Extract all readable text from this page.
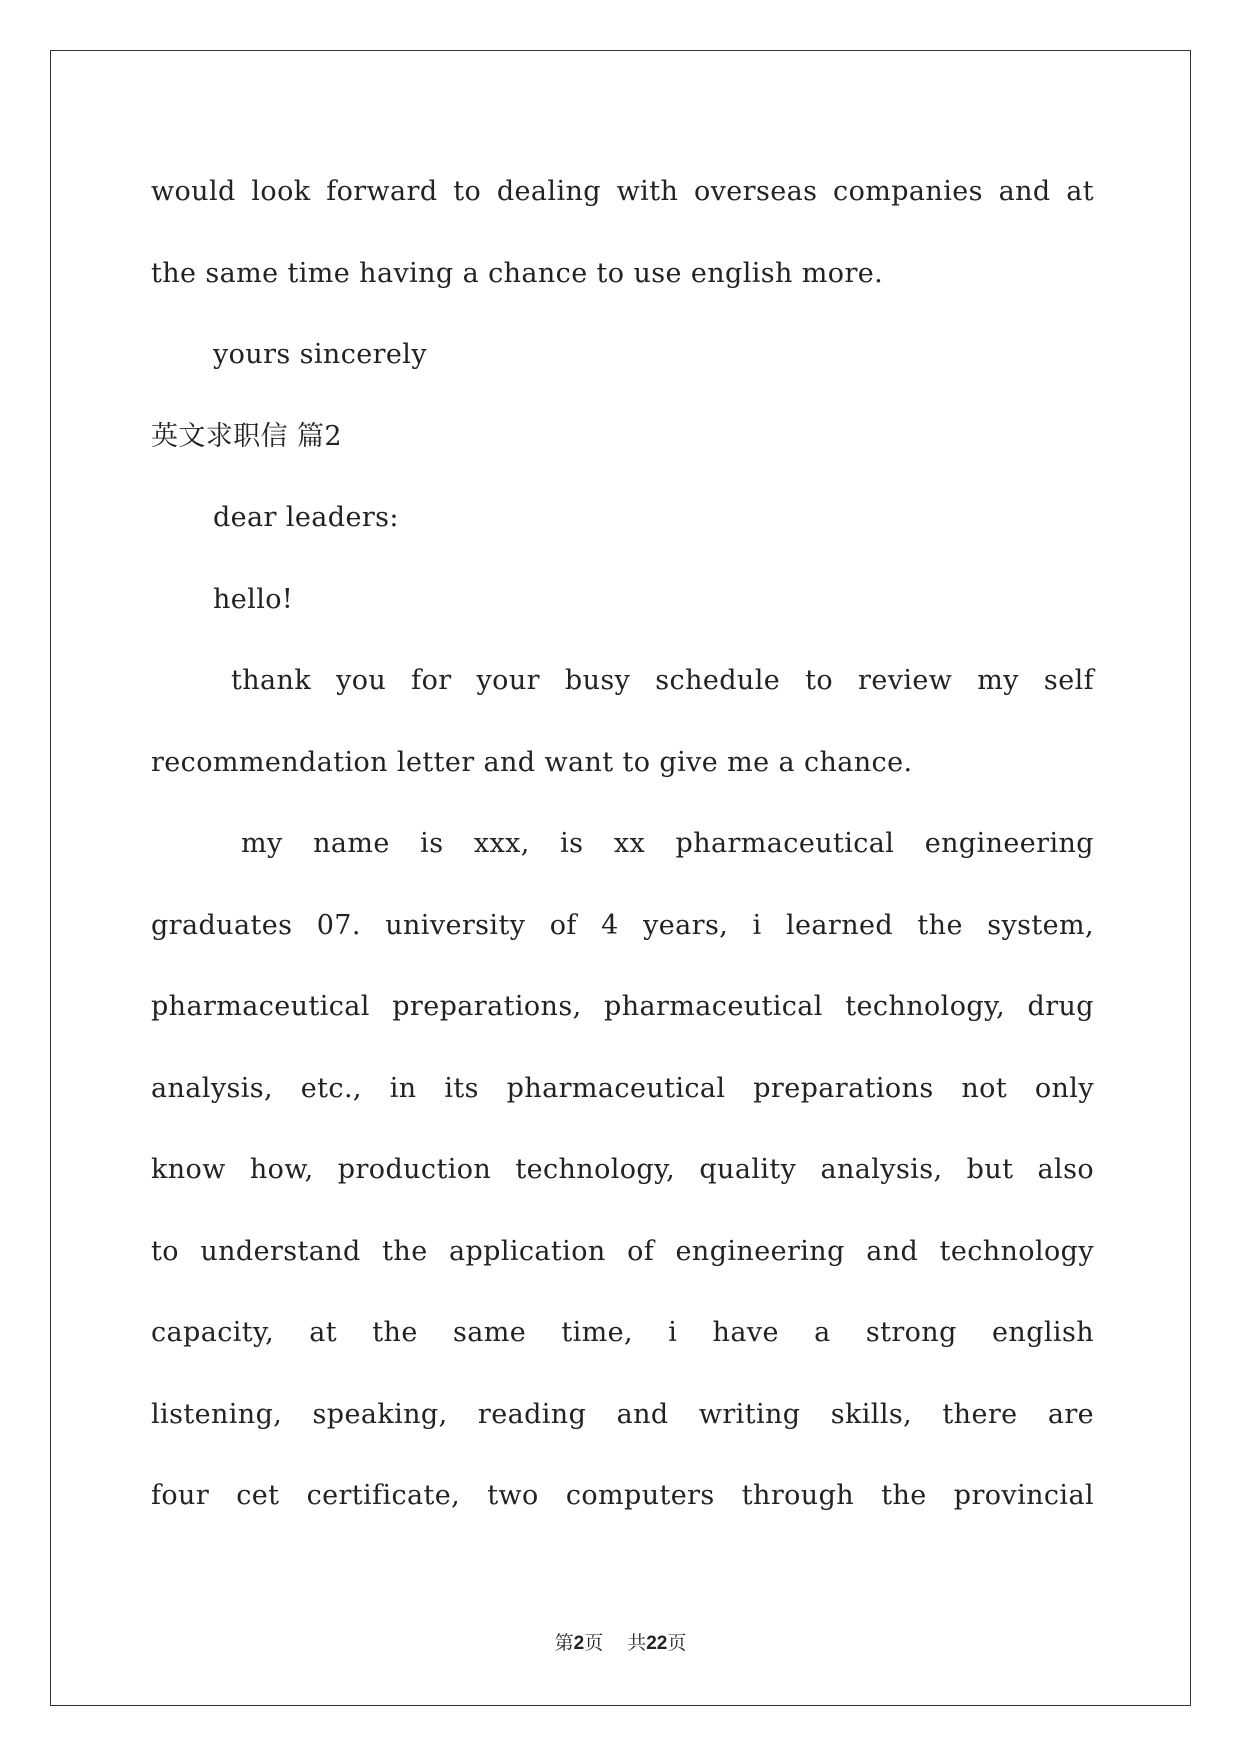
would look forward to dealing with overseas companies and at
the same time having a chance to use english more.
yours sincerely
英文求职信 篇2
dear leaders:
hello!
thank you for your busy schedule to review my self
recommendation letter and want to give me a chance.
my name is xxx, is xx pharmaceutical engineering
graduates 07. university of 4 years, i learned the system,
pharmaceutical preparations, pharmaceutical technology, drug
analysis, etc., in its pharmaceutical preparations not only
know how, production technology, quality analysis, but also
to understand the application of engineering and technology
capacity, at the same time, i have a strong english
listening, speaking, reading and writing skills, there are
four cet certificate, two computers through the provincial
第2页 共22页
